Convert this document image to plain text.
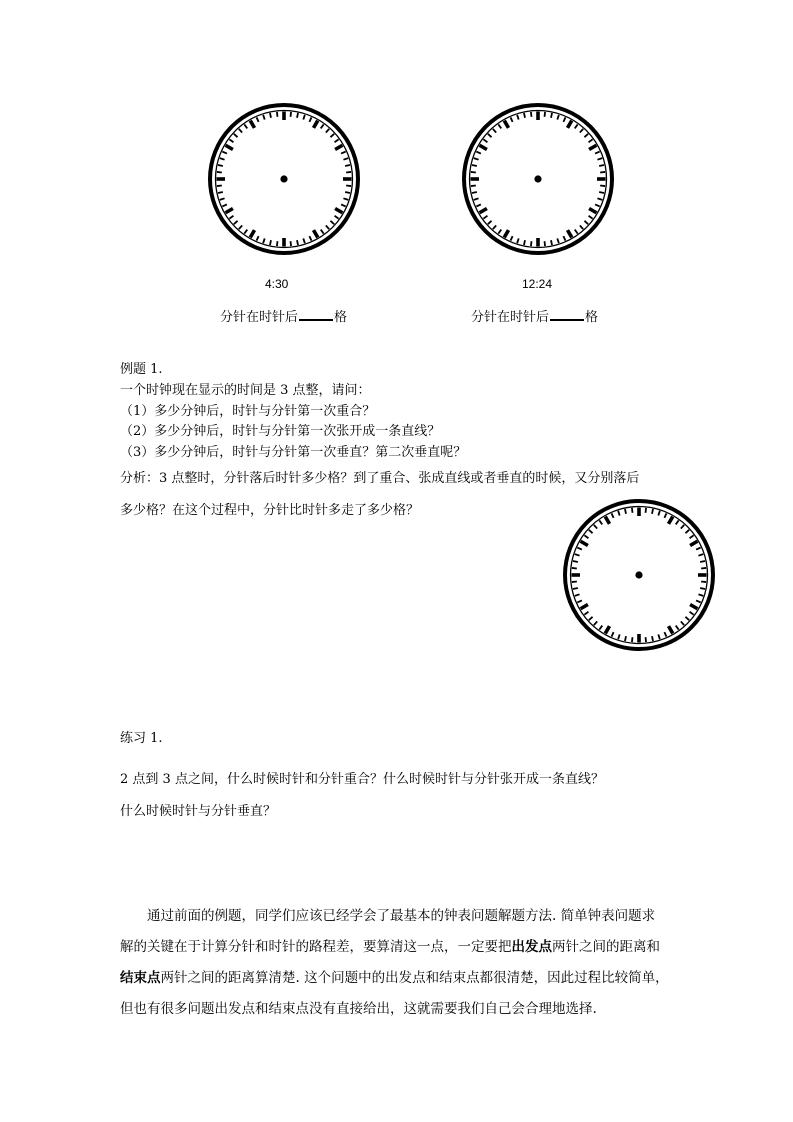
4:30
分针在时针后	格
12:24
分针在时针后	格
例题 1.
一个时钟现在显示的时间是 3 点整，请问：
（1）多少分钟后，时针与分针第一次重合？
（2）多少分钟后，时针与分针第一次张开成一条直线？
（3）多少分钟后，时针与分针第一次垂直？第二次垂直呢？
分析：3 点整时，分针落后时针多少格？到了重合、张成直线或者垂直的时候，又分别落后
多少格？在这个过程中，分针比时针多走了多少格？
练习 1.
2 点到 3 点之间，什么时候时针和分针重合？什么时候时针与分针张开成一条直线？
什么时候时针与分针垂直？
通过前面的例题，同学们应该已经学会了最基本的钟表问题解题方法. 简单钟表问题求
解的关键在于计算分针和时针的路程差，要算清这一点，一定要把出发点两针之间的距离和
结束点两针之间的距离算清楚. 这个问题中的出发点和结束点都很清楚，因此过程比较简单，
但也有很多问题出发点和结束点没有直接给出，这就需要我们自己会合理地选择.
